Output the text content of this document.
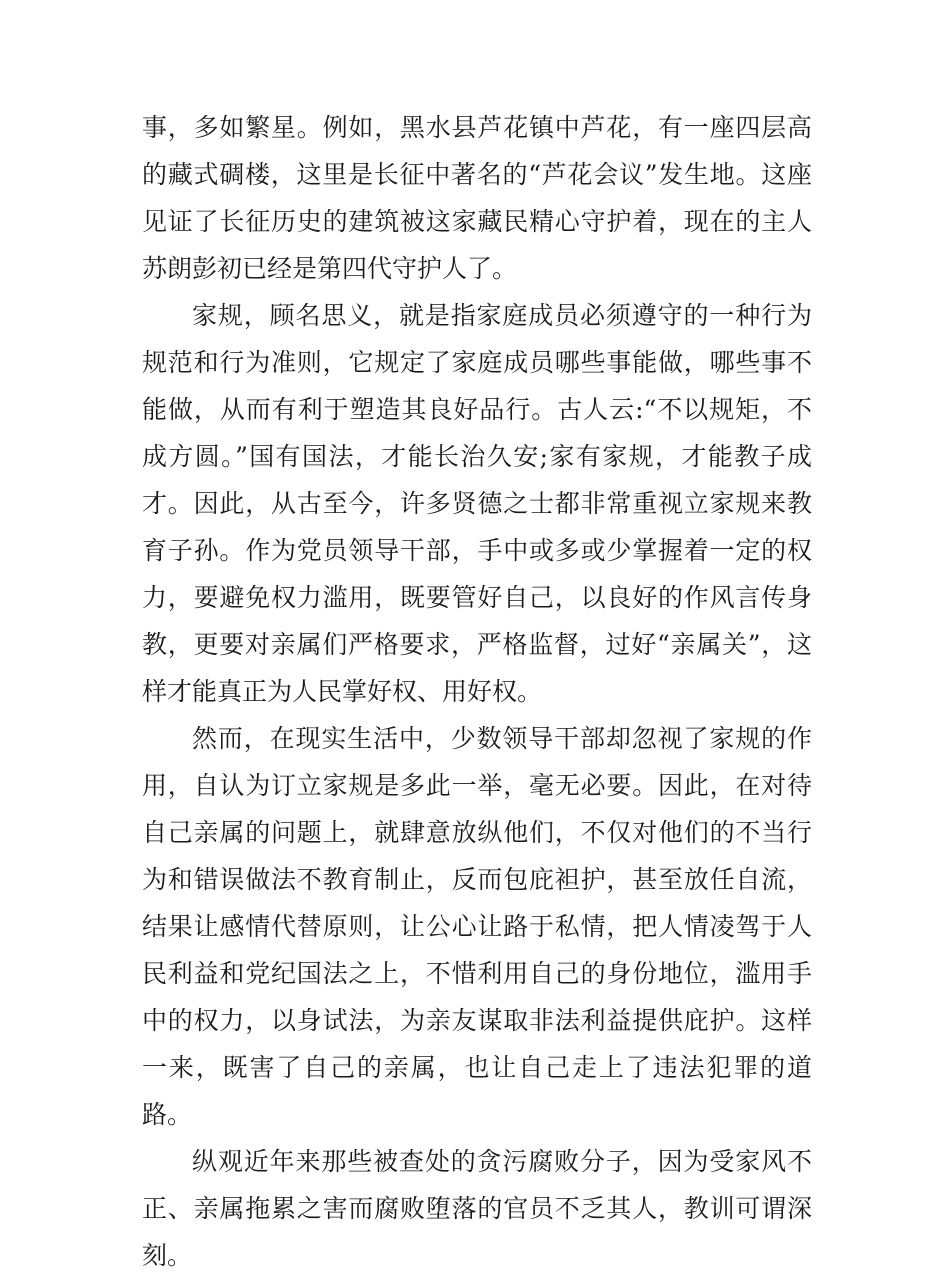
事，多如繁星。例如，黑水县芦花镇中芦花，有一座四层高的藏式碉楼，这里是长征中著名的“芦花会议”发生地。这座见证了长征历史的建筑被这家藏民精心守护着，现在的主人苏朗彭初已经是第四代守护人了。

家规，顾名思义，就是指家庭成员必须遵守的一种行为规范和行为准则，它规定了家庭成员哪些事能做，哪些事不能做，从而有利于塑造其良好品行。古人云:“不以规矩，不成方圆。”国有国法，才能长治久安;家有家规，才能教子成才。因此，从古至今，许多贤德之士都非常重视立家规来教育子孙。作为党员领导干部，手中或多或少掌握着一定的权力，要避免权力滥用，既要管好自己，以良好的作风言传身教，更要对亲属们严格要求，严格监督，过好“亲属关”，这样才能真正为人民掌好权、用好权。

然而，在现实生活中，少数领导干部却忽视了家规的作用，自认为订立家规是多此一举，毫无必要。因此，在对待自己亲属的问题上，就肆意放纵他们，不仅对他们的不当行为和错误做法不教育制止，反而包庇袒护，甚至放任自流，结果让感情代替原则，让公心让路于私情，把人情凌驾于人民利益和党纪国法之上，不惜利用自己的身份地位，滥用手中的权力，以身试法，为亲友谋取非法利益提供庇护。这样一来，既害了自己的亲属，也让自己走上了违法犯罪的道路。

纵观近年来那些被查处的贪污腐败分子，因为受家风不正、亲属拖累之害而腐败堕落的官员不乏其人，教训可谓深刻。
